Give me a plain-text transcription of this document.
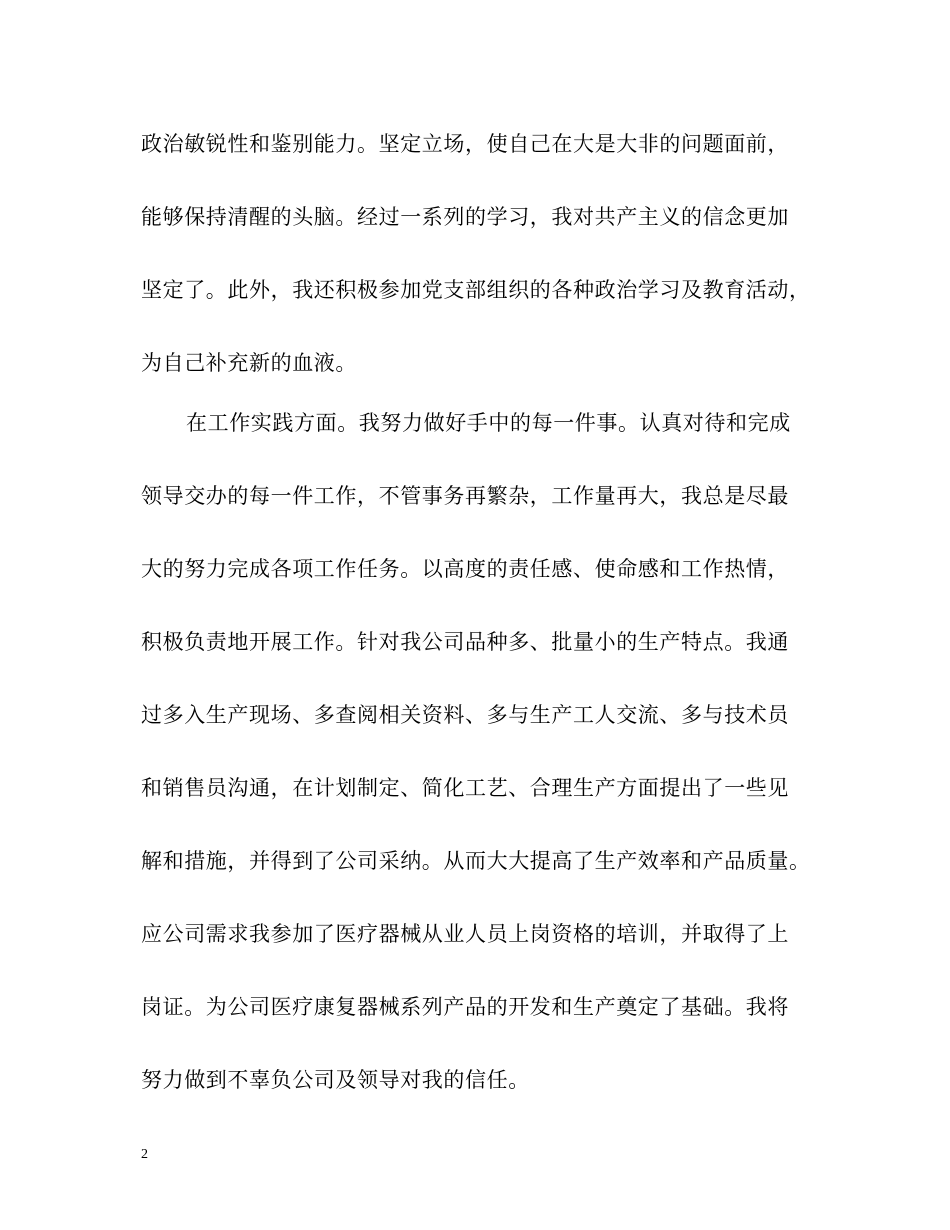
政治敏锐性和鉴别能力。坚定立场，使自己在大是大非的问题面前，
能够保持清醒的头脑。经过一系列的学习，我对共产主义的信念更加
坚定了。此外，我还积极参加党支部组织的各种政治学习及教育活动，
为自己补充新的血液。
在工作实践方面。我努力做好手中的每一件事。认真对待和完成
领导交办的每一件工作，不管事务再繁杂，工作量再大，我总是尽最
大的努力完成各项工作任务。以高度的责任感、使命感和工作热情，
积极负责地开展工作。针对我公司品种多、批量小的生产特点。我通
过多入生产现场、多查阅相关资料、多与生产工人交流、多与技术员
和销售员沟通，在计划制定、简化工艺、合理生产方面提出了一些见
解和措施，并得到了公司采纳。从而大大提高了生产效率和产品质量。
应公司需求我参加了医疗器械从业人员上岗资格的培训，并取得了上
岗证。为公司医疗康复器械系列产品的开发和生产奠定了基础。我将
努力做到不辜负公司及领导对我的信任。
2
